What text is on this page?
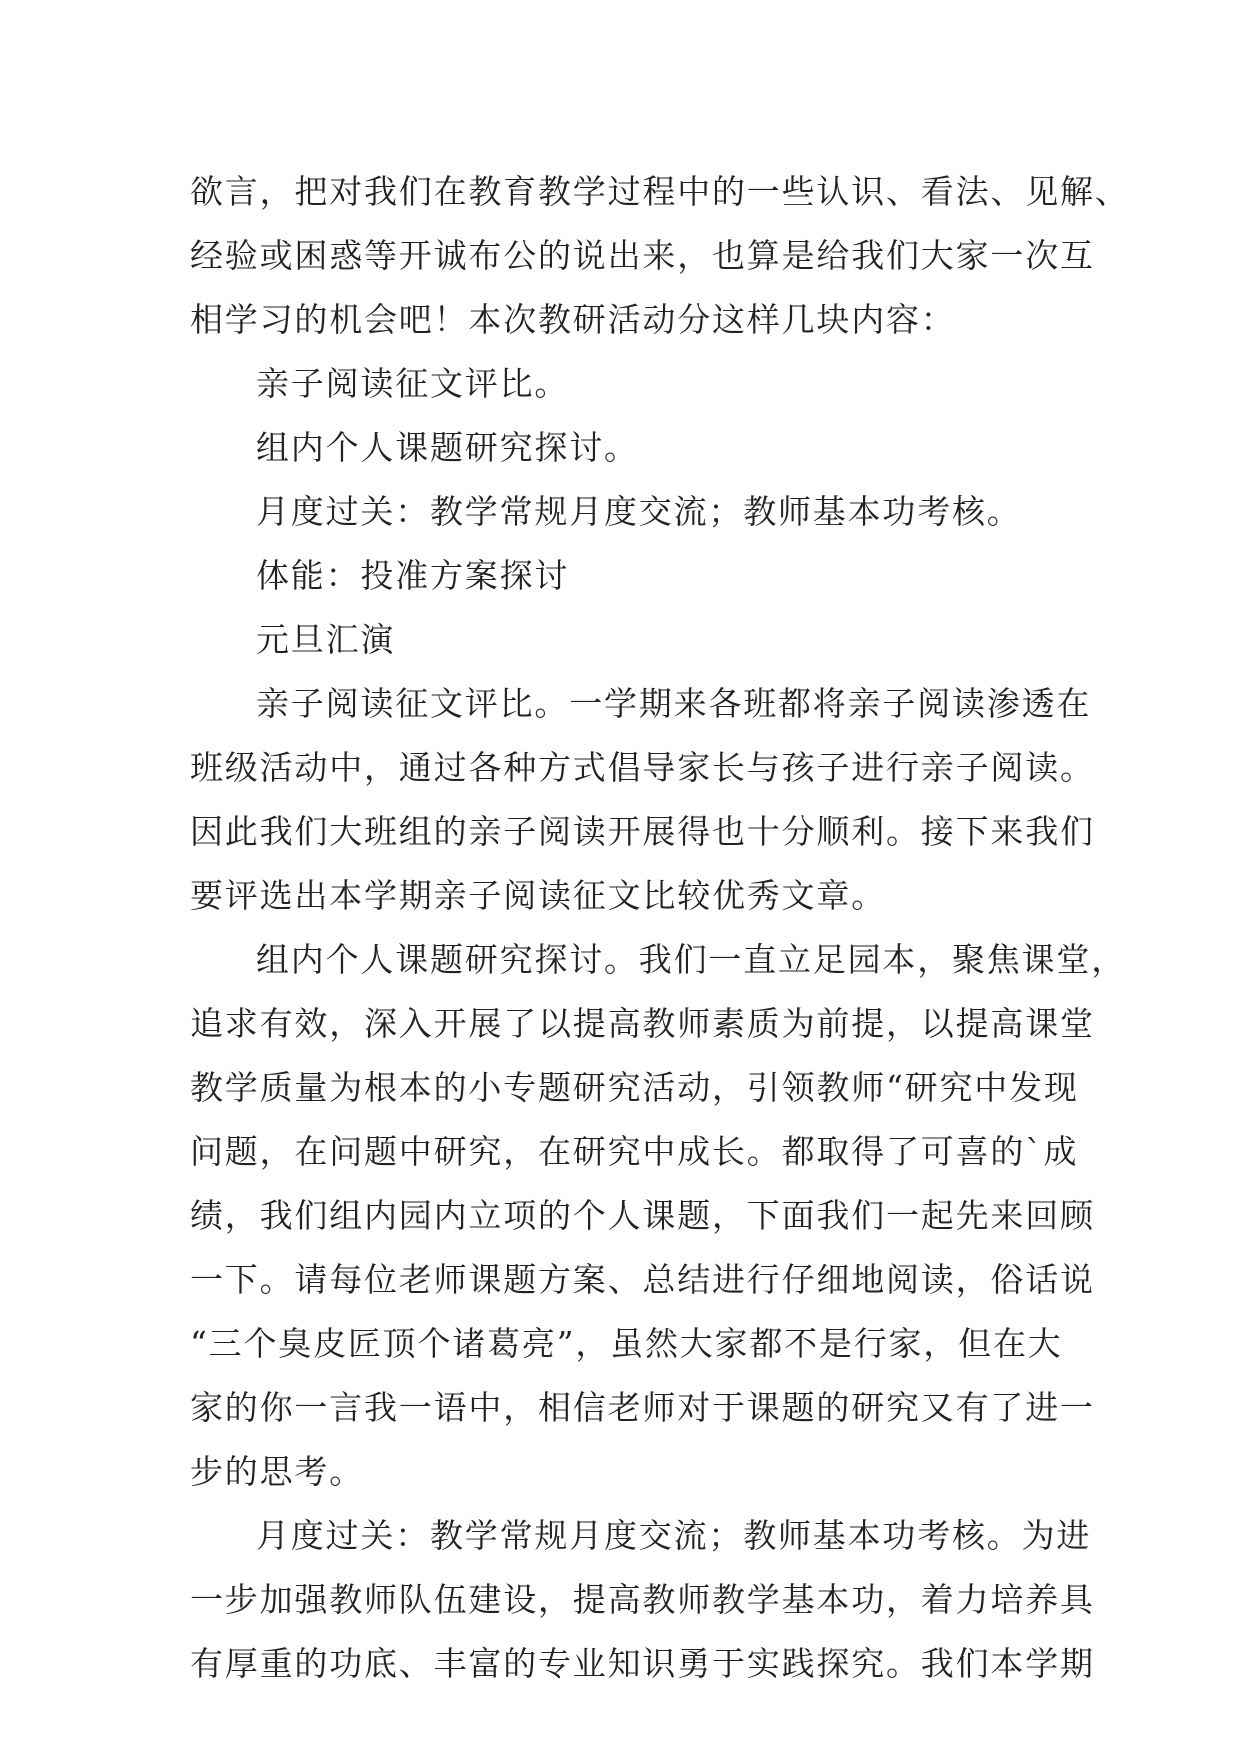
欲言，把对我们在教育教学过程中的一些认识、看法、见解、
经验或困惑等开诚布公的说出来，也算是给我们大家一次互
相学习的机会吧！本次教研活动分这样几块内容：
亲子阅读征文评比。
组内个人课题研究探讨。
月度过关：教学常规月度交流；教师基本功考核。
体能：投准方案探讨
元旦汇演
亲子阅读征文评比。一学期来各班都将亲子阅读渗透在
班级活动中，通过各种方式倡导家长与孩子进行亲子阅读。
因此我们大班组的亲子阅读开展得也十分顺利。接下来我们
要评选出本学期亲子阅读征文比较优秀文章。
组内个人课题研究探讨。我们一直立足园本，聚焦课堂，
追求有效，深入开展了以提高教师素质为前提，以提高课堂
教学质量为根本的小专题研究活动，引领教师“研究中发现
问题，在问题中研究，在研究中成长。都取得了可喜的`成
绩，我们组内园内立项的个人课题，下面我们一起先来回顾
一下。请每位老师课题方案、总结进行仔细地阅读，俗话说
“三个臭皮匠顶个诸葛亮”，虽然大家都不是行家，但在大
家的你一言我一语中，相信老师对于课题的研究又有了进一
步的思考。
月度过关：教学常规月度交流；教师基本功考核。为进
一步加强教师队伍建设，提高教师教学基本功，着力培养具
有厚重的功底、丰富的专业知识勇于实践探究。我们本学期
